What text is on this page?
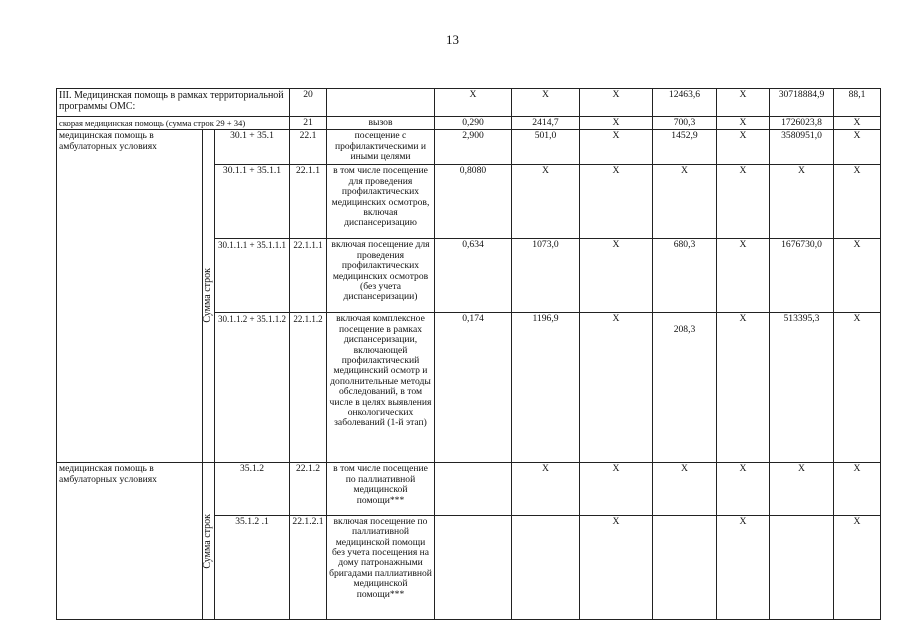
13
III. Медицинская помощь в рамках территориальной программы ОМС:			20		X	X	X	12463,6	X	30718884,9	88,1
скорая медицинская помощь (сумма строк 29 + 34)			21	вызов	0,290	2414,7	X	700,3	X	1726023,8	X
медицинская помощь в амбулаторных условиях	Сумма строк	30.1 + 35.1	22.1	посещение с профилактическими и иными целями	2,900	501,0	X	1452,9	X	3580951,0	X
		30.1.1 + 35.1.1	22.1.1	в том числе посещение для проведения профилактических медицинских осмотров, включая диспансеризацию	0,8080	X	X	X	X	X	X
		30.1.1.1 + 35.1.1.1	22.1.1.1	включая посещение для проведения профилактических медицинских осмотров (без учета диспансеризации)	0,634	1073,0	X	680,3	X	1676730,0	X
		30.1.1.2 + 35.1.1.2	22.1.1.2	включая комплексное посещение в рамках диспансеризации, включающей профилактический медицинский осмотр и дополнительные методы обследований, в том числе в целях выявления онкологических заболеваний (1-й этап)	0,174	1196,9	X	208,3	X	513395,3	X
медицинская помощь в амбулаторных условиях	Сумма строк	35.1.2	22.1.2	в том числе посещение по паллиативной медицинской помощи***		X	X	X	X	X	X
		35.1.2 .1	22.1.2.1	включая посещение по паллиативной медицинской помощи без учета посещения на дому патронажными бригадами паллиативной медицинской помощи***			X		X		X
